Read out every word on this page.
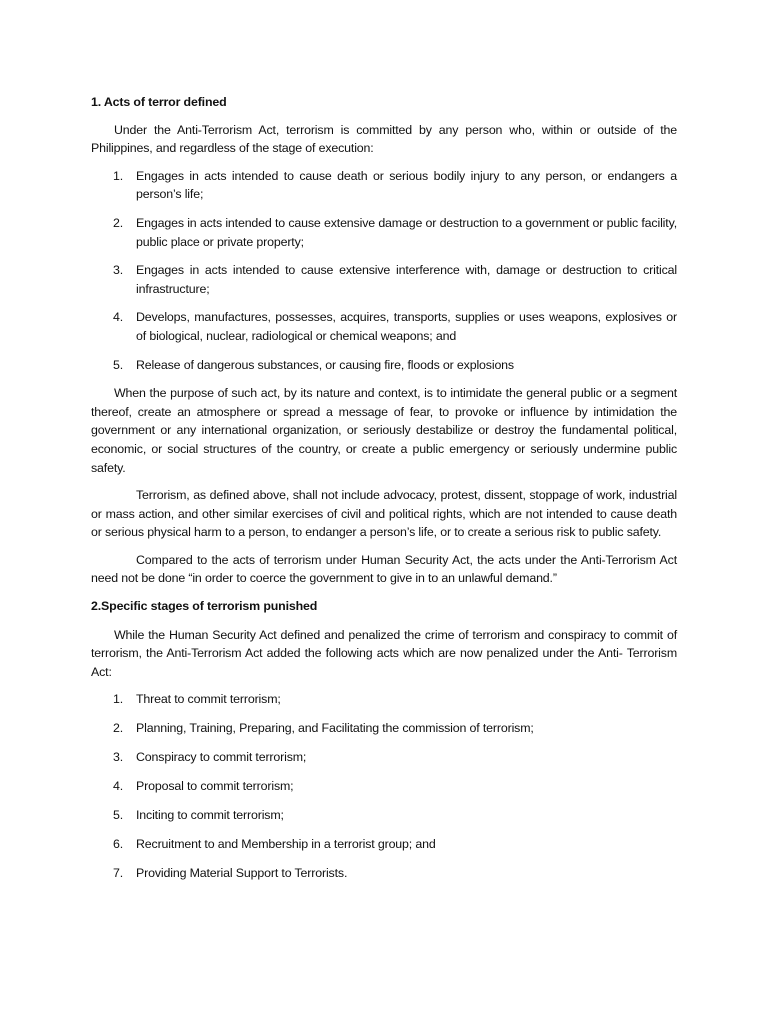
1. Acts of terror defined

Under the Anti-Terrorism Act, terrorism is committed by any person who, within or outside of the Philippines, and regardless of the stage of execution:

1. Engages in acts intended to cause death or serious bodily injury to any person, or endangers a person’s life;
2. Engages in acts intended to cause extensive damage or destruction to a government or public facility, public place or private property;
3. Engages in acts intended to cause extensive interference with, damage or destruction to critical infrastructure;
4. Develops, manufactures, possesses, acquires, transports, supplies or uses weapons, explosives or of biological, nuclear, radiological or chemical weapons; and
5. Release of dangerous substances, or causing fire, floods or explosions

When the purpose of such act, by its nature and context, is to intimidate the general public or a segment thereof, create an atmosphere or spread a message of fear, to provoke or influence by intimidation the government or any international organization, or seriously destabilize or destroy the fundamental political, economic, or social structures of the country, or create a public emergency or seriously undermine public safety.

Terrorism, as defined above, shall not include advocacy, protest, dissent, stoppage of work, industrial or mass action, and other similar exercises of civil and political rights, which are not intended to cause death or serious physical harm to a person, to endanger a person’s life, or to create a serious risk to public safety.

Compared to the acts of terrorism under Human Security Act, the acts under the Anti-Terrorism Act need not be done “in order to coerce the government to give in to an unlawful demand.”

2.Specific stages of terrorism punished

While the Human Security Act defined and penalized the crime of terrorism and conspiracy to commit of terrorism, the Anti-Terrorism Act added the following acts which are now penalized under the Anti- Terrorism Act:

1. Threat to commit terrorism;
2. Planning, Training, Preparing, and Facilitating the commission of terrorism;
3. Conspiracy to commit terrorism;
4. Proposal to commit terrorism;
5. Inciting to commit terrorism;
6. Recruitment to and Membership in a terrorist group; and
7. Providing Material Support to Terrorists.
